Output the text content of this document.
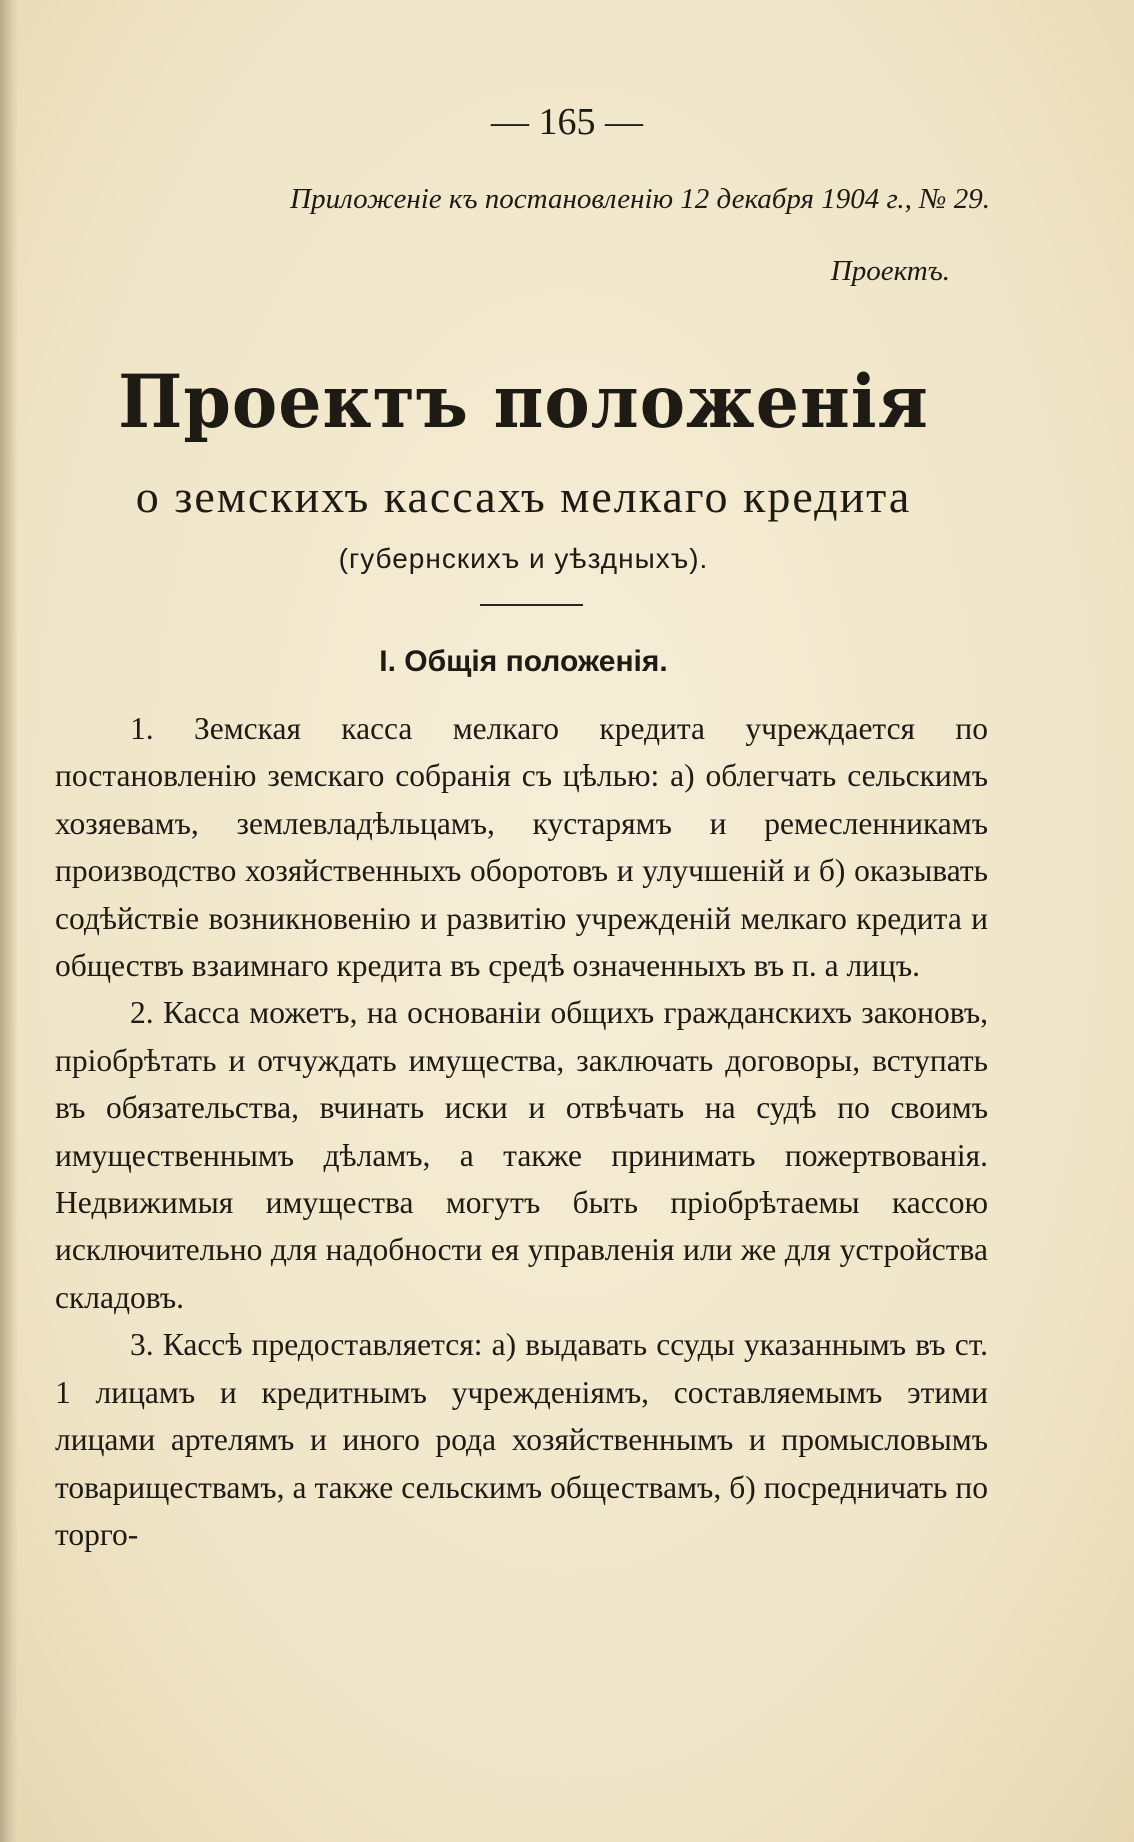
— 165 —
Приложеніе къ постановленію 12 декабря 1904 г., № 29.
Проектъ.
Проектъ положенія
о земскихъ кассахъ мелкаго кредита
(губернскихъ и уѣздныхъ).
I. Общія положенія.

1. Земская касса мелкаго кредита учреждается по постановленію земскаго собранія съ цѣлью: а) облегчать сельскимъ хозяевамъ, землевладѣльцамъ, кустарямъ и ремесленникамъ производство хозяйственныхъ оборотовъ и улучшеній и б) оказывать содѣйствіе возникновенію и развитію учрежденій мелкаго кредита и обществъ взаимнаго кредита въ средѣ означенныхъ въ п. а лицъ.

2. Касса можетъ, на основаніи общихъ гражданскихъ законовъ, пріобрѣтать и отчуждать имущества, заключать договоры, вступать въ обязательства, вчинать иски и отвѣчать на судѣ по своимъ имущественнымъ дѣламъ, а также принимать пожертвованія. Недвижимыя имущества могутъ быть пріобрѣтаемы кассою исключительно для надобности ея управленія или же для устройства складовъ.

3. Кассѣ предоставляется: а) выдавать ссуды указаннымъ въ ст. 1 лицамъ и кредитнымъ учрежденіямъ, составляемымъ этими лицами артелямъ и иного рода хозяйственнымъ и промысловымъ товариществамъ, а также сельскимъ обществамъ, б) посредничать по торго-
